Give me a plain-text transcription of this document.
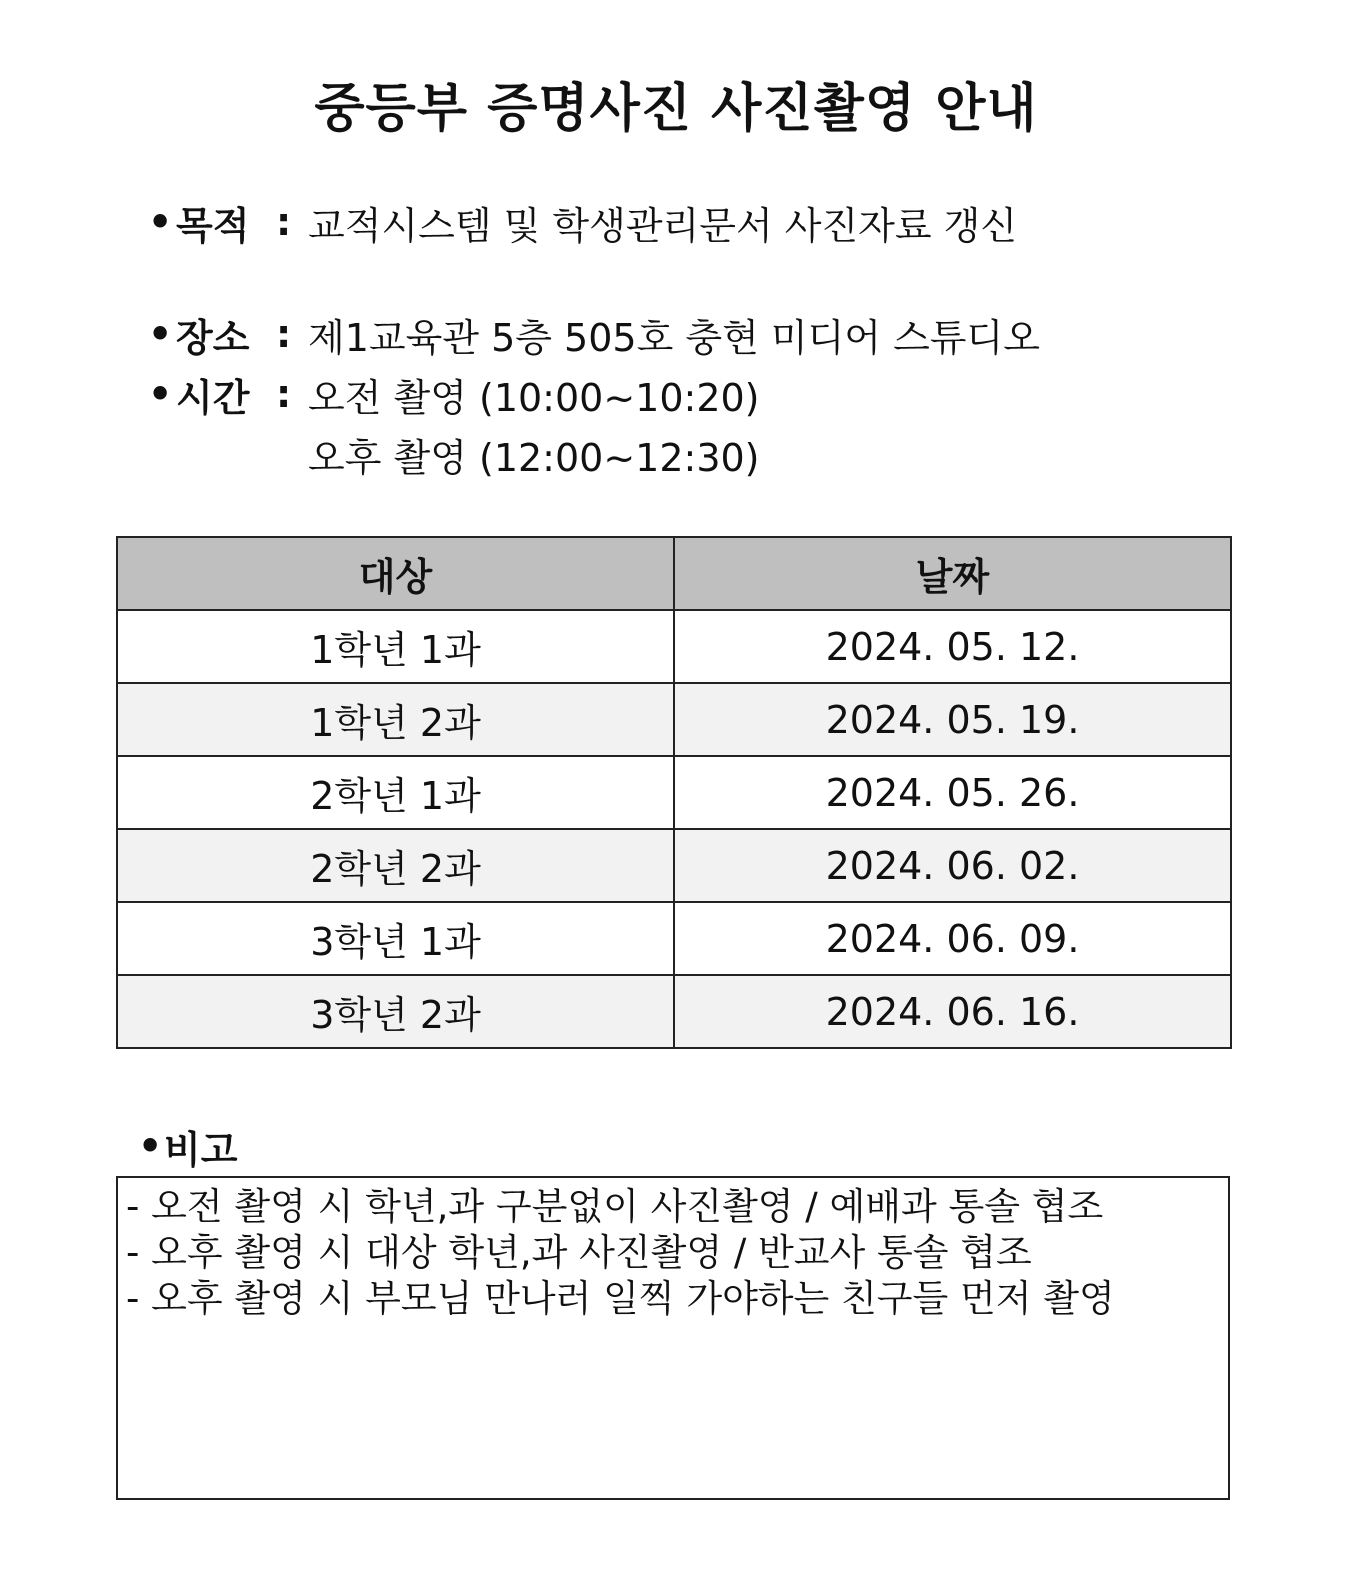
중등부 증명사진 사진촬영 안내
• 목적 : 교적시스템 및 학생관리문서 사진자료 갱신
• 장소 : 제1교육관 5층 505호 충현 미디어 스튜디오
• 시간 : 오전 촬영 (10:00~10:20)
오후 촬영 (12:00~12:30)
대상	날짜
1학년 1과	2024. 05. 12.
1학년 2과	2024. 05. 19.
2학년 1과	2024. 05. 26.
2학년 2과	2024. 06. 02.
3학년 1과	2024. 06. 09.
3학년 2과	2024. 06. 16.
• 비고
- 오전 촬영 시 학년,과 구분없이 사진촬영 / 예배과 통솔 협조
- 오후 촬영 시 대상 학년,과 사진촬영 / 반교사 통솔 협조
- 오후 촬영 시 부모님 만나러 일찍 가야하는 친구들 먼저 촬영
